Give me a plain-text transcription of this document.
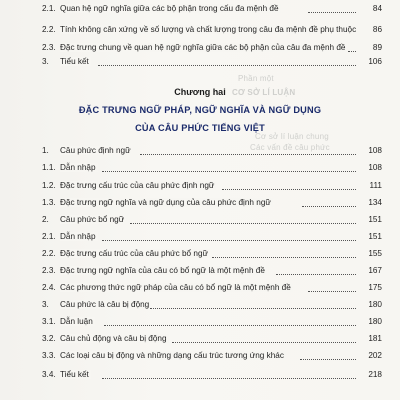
Phần một
CƠ SỞ LÍ LUẬN
Cơ sở lí luận chung
Các vấn đề câu phức
2.1. Quan hệ ngữ nghĩa giữa các bộ phận trong cấu đa mệnh đề	84
2.2. Tính không cân xứng về số lượng và chất lượng trong câu đa mệnh đề phụ thuộc	86
2.3. Đặc trưng chung về quan hệ ngữ nghĩa giữa các bộ phận của câu đa mệnh đề	89
3. Tiểu kết	106
Chương hai
ĐẶC TRƯNG NGỮ PHÁP, NGỮ NGHĨA VÀ NGỮ DỤNG
CỦA CÂU PHỨC TIẾNG VIỆT
1. Câu phức định ngữ	108
1.1. Dẫn nhập	108
1.2. Đặc trưng cấu trúc của câu phức định ngữ	111
1.3. Đặc trưng ngữ nghĩa và ngữ dụng của câu phức định ngữ	134
2. Câu phức bổ ngữ	151
2.1. Dẫn nhập	151
2.2. Đặc trưng cấu trúc của câu phức bổ ngữ	155
2.3. Đặc trưng ngữ nghĩa của câu có bổ ngữ là một mệnh đề	167
2.4. Các phương thức ngữ pháp của câu có bổ ngữ là một mệnh đề	175
3. Câu phức là câu bị động	180
3.1. Dẫn luận	180
3.2. Câu chủ động và câu bị động	181
3.3. Các loại câu bị động và những dạng cấu trúc tương ứng khác	202
3.4. Tiểu kết	218
